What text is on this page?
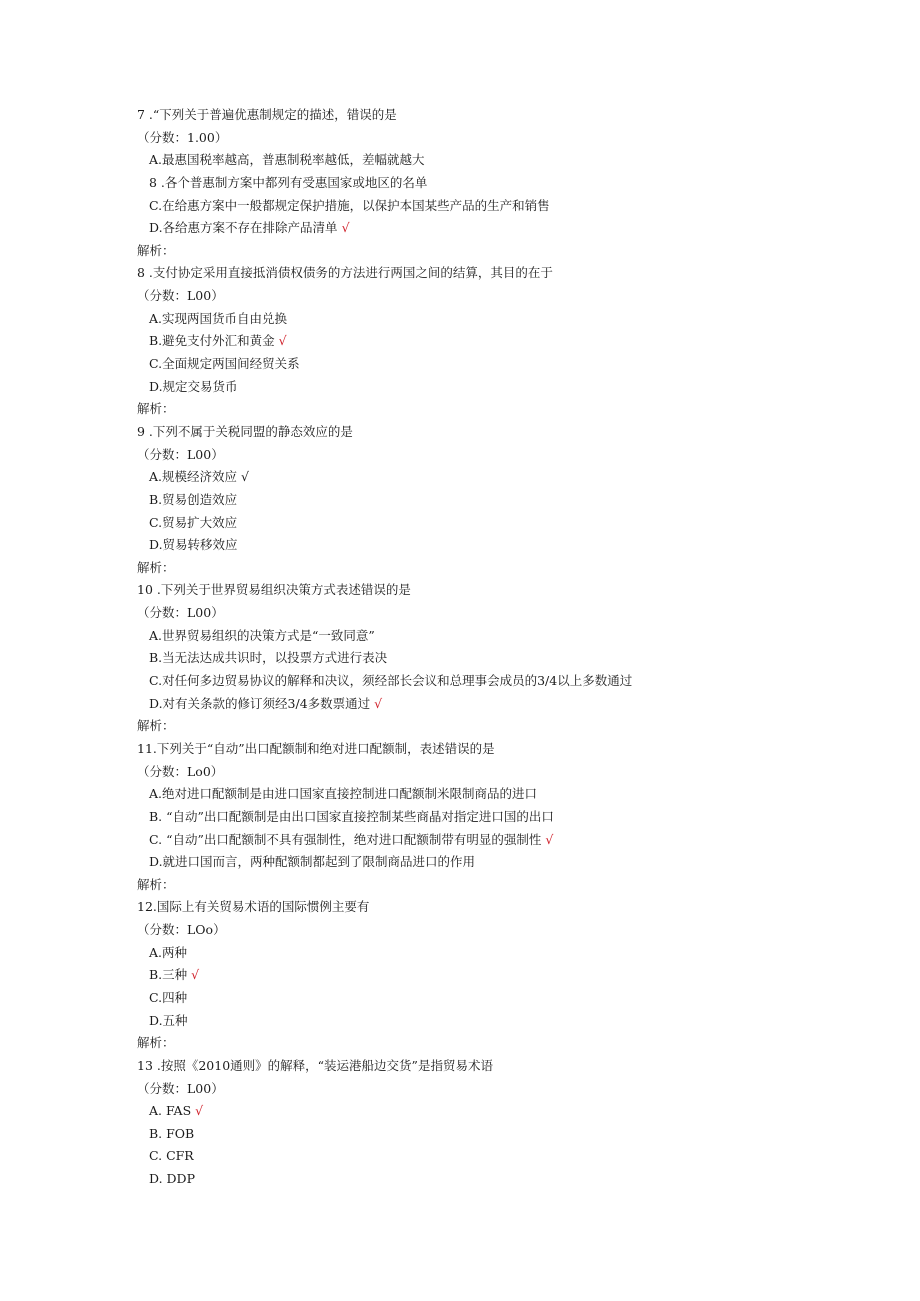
7 .“下列关于普遍优惠制规定的描述，错误的是
（分数：1.00）
A.最惠国税率越高，普惠制税率越低，差幅就越大
8 .各个普惠制方案中都列有受惠国家或地区的名单
C.在给惠方案中一般都规定保护措施，以保护本国某些产品的生产和销售
D.各给惠方案不存在排除产品清单 √
解析：
8 .支付协定采用直接抵消债权债务的方法进行两国之间的结算，其目的在于
（分数：L00）
A.实现两国货币自由兑换
B.避免支付外汇和黄金 √
C.全面规定两国间经贸关系
D.规定交易货币
解析：
9 .下列不属于关税同盟的静态效应的是
（分数：L00）
A.规模经济效应 √
B.贸易创造效应
C.贸易扩大效应
D.贸易转移效应
解析：
10 .下列关于世界贸易组织决策方式表述错误的是
（分数：L00）
A.世界贸易组织的决策方式是“一致同意”
B.当无法达成共识时，以投票方式进行表决
C.对任何多边贸易协议的解释和决议，须经部长会议和总理事会成员的3/4以上多数通过
D.对有关条款的修订须经3/4多数票通过 √
解析：
11.下列关于“自动”出口配额制和绝对进口配额制，表述错误的是
（分数：Lo0）
A.绝对进口配额制是由进口国家直接控制进口配额制米限制商品的进口
B. “自动”出口配额制是由出口国家直接控制某些商晶对指定进口国的出口
C. “自动”出口配额制不具有强制性，绝对进口配额制带有明显的强制性 √
D.就进口国而言，两种配额制都起到了限制商品进口的作用
解析：
12.国际上有关贸易术语的国际惯例主要有
（分数：LOo）
A.两种
B.三种 √
C.四种
D.五种
解析：
13 .按照《2010通则》的解释，“装运港船边交货”是指贸易术语
（分数：L00）
A. FAS √
B. FOB
C. CFR
D. DDP
